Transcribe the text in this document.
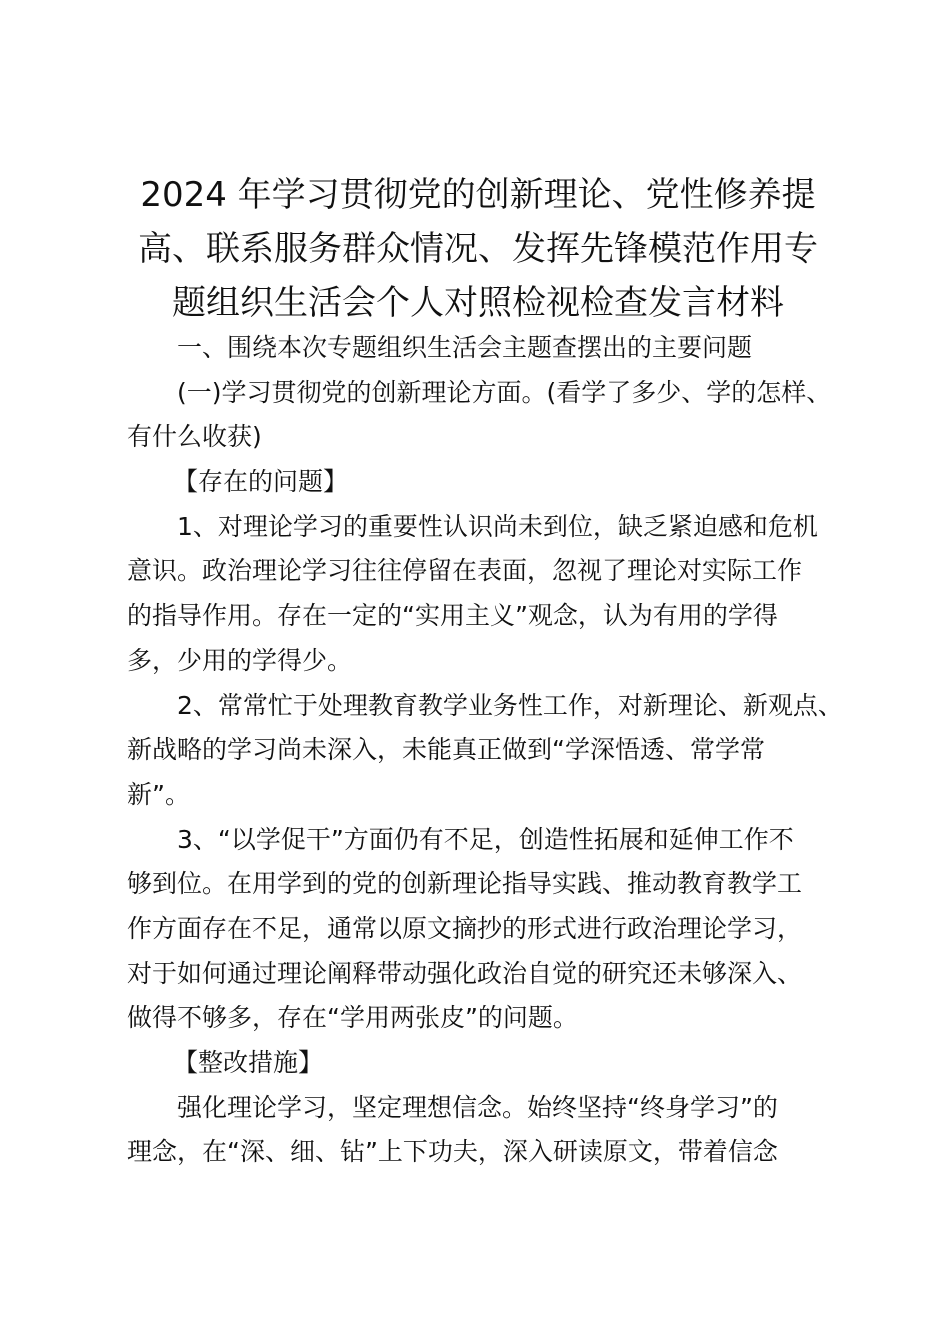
2024 年学习贯彻党的创新理论、党性修养提
高、联系服务群众情况、发挥先锋模范作用专
题组织生活会个人对照检视检查发言材料
一、围绕本次专题组织生活会主题查摆出的主要问题
(一)学习贯彻党的创新理论方面。(看学了多少、学的怎样、
有什么收获)
【存在的问题】
1、对理论学习的重要性认识尚未到位，缺乏紧迫感和危机
意识。政治理论学习往往停留在表面，忽视了理论对实际工作
的指导作用。存在一定的“实用主义”观念，认为有用的学得
多，少用的学得少。
2、常常忙于处理教育教学业务性工作，对新理论、新观点、
新战略的学习尚未深入，未能真正做到“学深悟透、常学常
新”。
3、“以学促干”方面仍有不足，创造性拓展和延伸工作不
够到位。在用学到的党的创新理论指导实践、推动教育教学工
作方面存在不足，通常以原文摘抄的形式进行政治理论学习，
对于如何通过理论阐释带动强化政治自觉的研究还未够深入、
做得不够多，存在“学用两张皮”的问题。
【整改措施】
强化理论学习，坚定理想信念。始终坚持“终身学习”的
理念，在“深、细、钻”上下功夫，深入研读原文，带着信念
